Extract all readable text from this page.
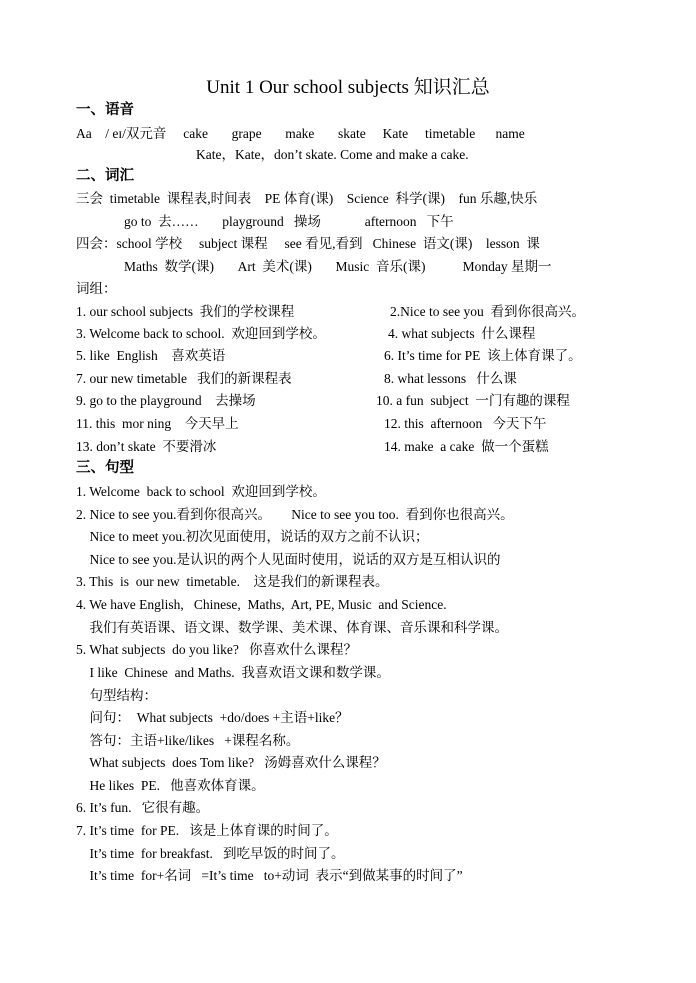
Unit 1 Our school subjects 知识汇总
一、语音
Aa    / eɪ/双元音     cake       grape       make       skate     Kate     timetable      name
Kate，Kate，don’t skate. Come and make a cake.
二、词汇
三会  timetable  课程表,时间表    PE 体育(课)    Science  科学(课)    fun 乐趣,快乐
go to  去……       playground   操场             afternoon   下午
四会：school 学校     subject 课程     see 看见,看到   Chinese  语文(课)    lesson  课
Maths  数学(课)       Art  美术(课)       Music  音乐(课)           Monday 星期一
词组：
1. our school subjects  我们的学校课程	2.Nice to see you  看到你很高兴。
3. Welcome back to school.  欢迎回到学校。	4. what subjects  什么课程
5. like  English    喜欢英语	6. It’s time for PE  该上体育课了。
7. our new timetable   我们的新课程表	8. what lessons   什么课
9. go to the playground    去操场	10. a fun  subject  一门有趣的课程
11. this  mor ning    今天早上	12. this  afternoon   今天下午
13. don’t skate  不要滑冰	14. make  a cake  做一个蛋糕
三、句型
1. Welcome  back to school  欢迎回到学校。
2. Nice to see you.看到你很高兴。      Nice to see you too.  看到你也很高兴。
Nice to meet you.初次见面使用，说话的双方之前不认识；
Nice to see you.是认识的两个人见面时使用，说话的双方是互相认识的
3. This  is  our new  timetable.    这是我们的新课程表。
4. We have English,   Chinese,  Maths,  Art, PE, Music  and Science.
我们有英语课、语文课、数学课、美术课、体育课、音乐课和科学课。
5. What subjects  do you like?   你喜欢什么课程？
I like  Chinese  and Maths.  我喜欢语文课和数学课。
句型结构：
问句：  What subjects  +do/does +主语+like？
答句：主语+like/likes   +课程名称。
What subjects  does Tom like?   汤姆喜欢什么课程？
He likes  PE.   他喜欢体育课。
6. It’s fun.   它很有趣。
7. It’s time  for PE.   该是上体育课的时间了。
It’s time  for breakfast.   到吃早饭的时间了。
It’s time  for+名词   =It’s time   to+动词  表示“到做某事的时间了”
